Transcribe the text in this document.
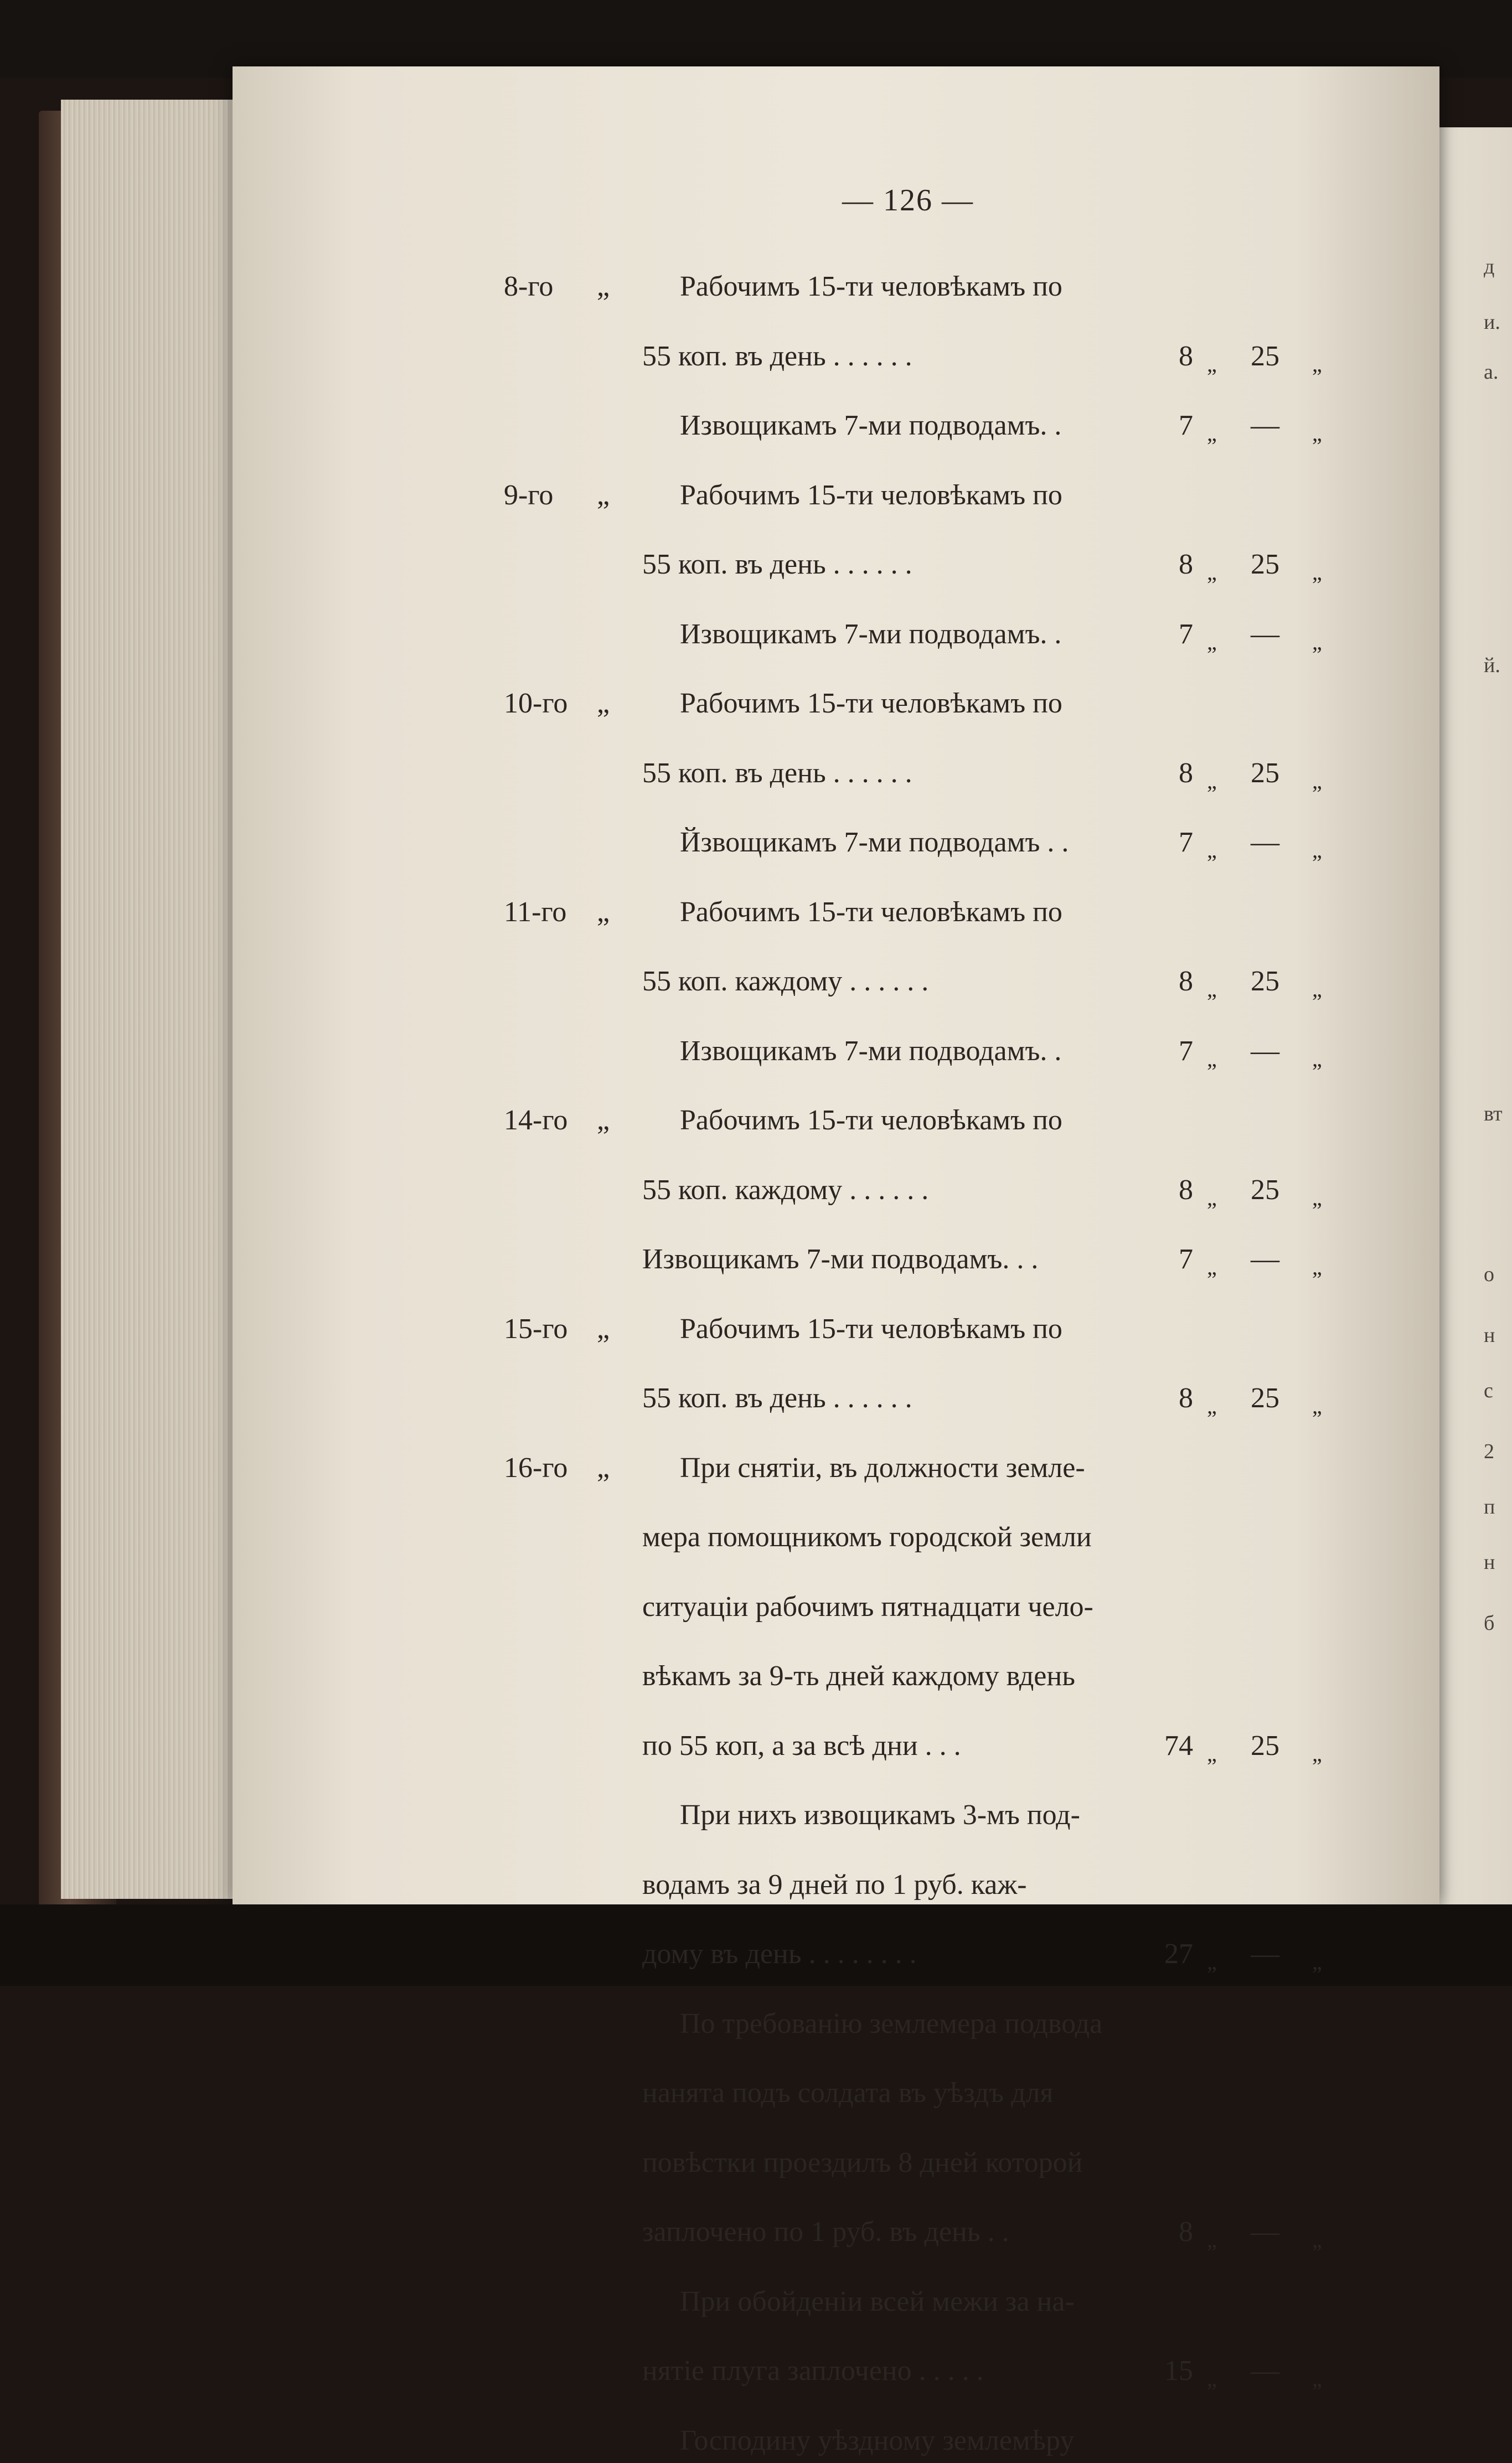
д
и.
а.
й.
вт
о
н
с
2
п
н
б
— 126 —
8-го „ Рабочимъ 15-ти человѣкамъ по
55 коп. въ день . . . . . .	8 „	25	„
Извощикамъ 7-ми подводамъ. .	7 „	—	„
9-го „ Рабочимъ 15-ти человѣкамъ по
55 коп. въ день . . . . . .	8 „	25	„
Извощикамъ 7-ми подводамъ. .	7 „	—	„
10-го „ Рабочимъ 15-ти человѣкамъ по
55 коп. въ день . . . . . .	8 „	25	„
Йзвощикамъ 7-ми подводамъ . .	7 „	—	„
11-го „ Рабочимъ 15-ти человѣкамъ по
55 коп. каждому . . . . . .	8 „	25	„
Извощикамъ 7-ми подводамъ. .	7 „	—	„
14-го „ Рабочимъ 15-ти человѣкамъ по
55 коп. каждому . . . . . .	8 „	25	„
Извощикамъ 7-ми подводамъ. . .	7 „	—	„
15-го „ Рабочимъ 15-ти человѣкамъ по
55 коп. въ день . . . . . .	8 „	25	„
16-го „ При снятіи, въ должности земле-
мера помощникомъ городской земли
ситуаціи рабочимъ пятнадцати чело-
вѣкамъ за 9-ть дней каждому вдень
по 55 коп, а за всѣ дни . . .	74 „	25	„
При нихъ извощикамъ 3-мъ под-
водамъ за 9 дней по 1 руб. каж-
дому въ день . . . . . . . .	27 „	—	„
По требованію землемера подвода
нанята подъ солдата въ уѣздъ для
повѣстки проездилъ 8 дней которой
заплочено по 1 руб. въ день . .	8 „	—	„
При обойденіи всей межи за на-
нятіе плуга заплочено . . . . .	15 „	—	„
Господину уѣздному землемѣру
